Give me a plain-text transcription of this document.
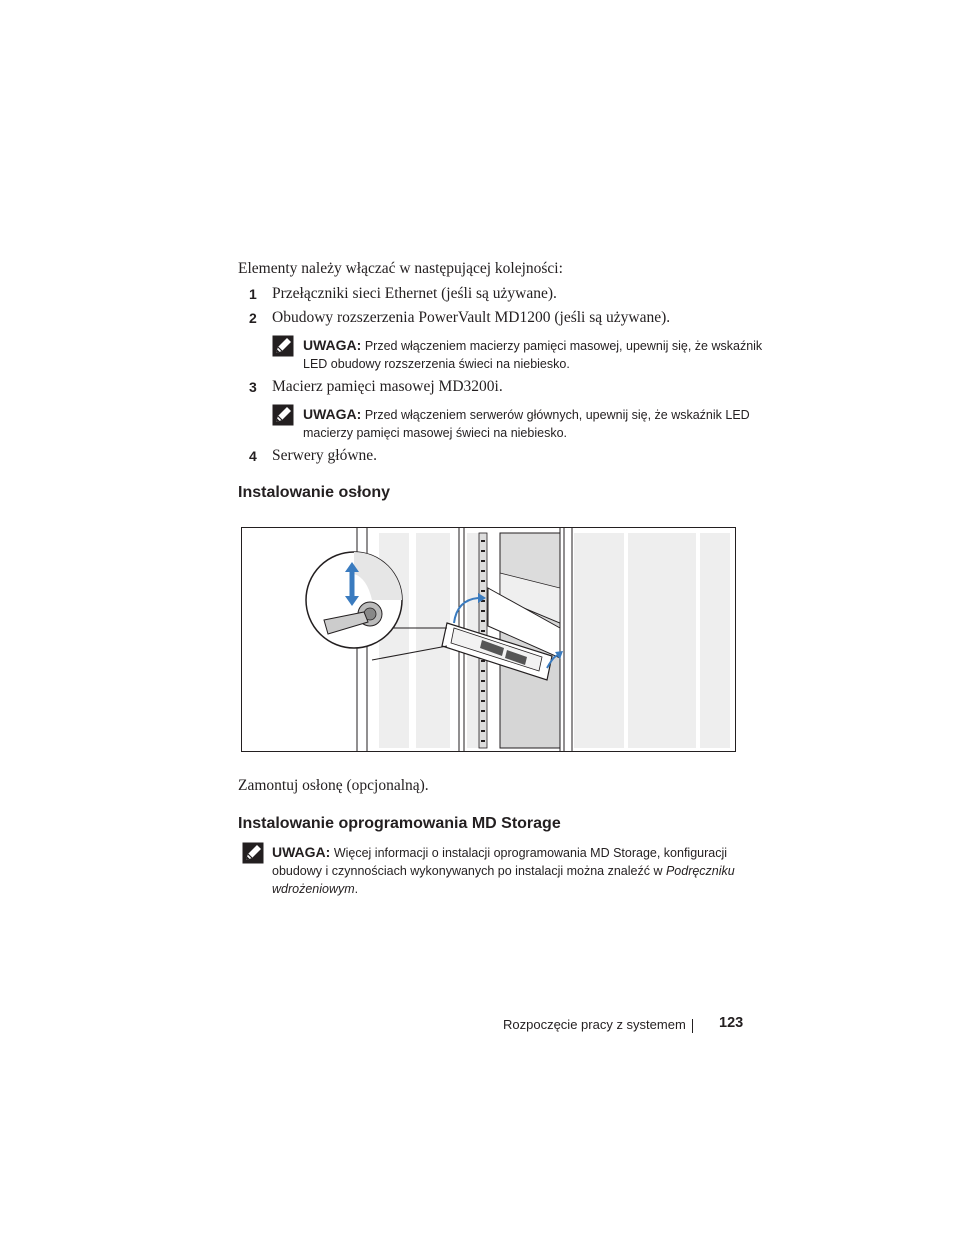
Elementy należy włączać w następującej kolejności:
1 Przełączniki sieci Ethernet (jeśli są używane).
2 Obudowy rozszerzenia PowerVault MD1200 (jeśli są używane).
UWAGA: Przed włączeniem macierzy pamięci masowej, upewnij się, że wskaźnik
LED obudowy rozszerzenia świeci na niebiesko.
3 Macierz pamięci masowej MD3200i.
UWAGA: Przed włączeniem serwerów głównych, upewnij się, że wskaźnik LED
macierzy pamięci masowej świeci na niebiesko.
4 Serwery główne.
Instalowanie osłony
Zamontuj osłonę (opcjonalną).
Instalowanie oprogramowania MD Storage
UWAGA: Więcej informacji o instalacji oprogramowania MD Storage, konfiguracji
obudowy i czynnościach wykonywanych po instalacji można znaleźć w Podręczniku
wdrożeniowym.
Rozpoczęcie pracy z systemem 123
